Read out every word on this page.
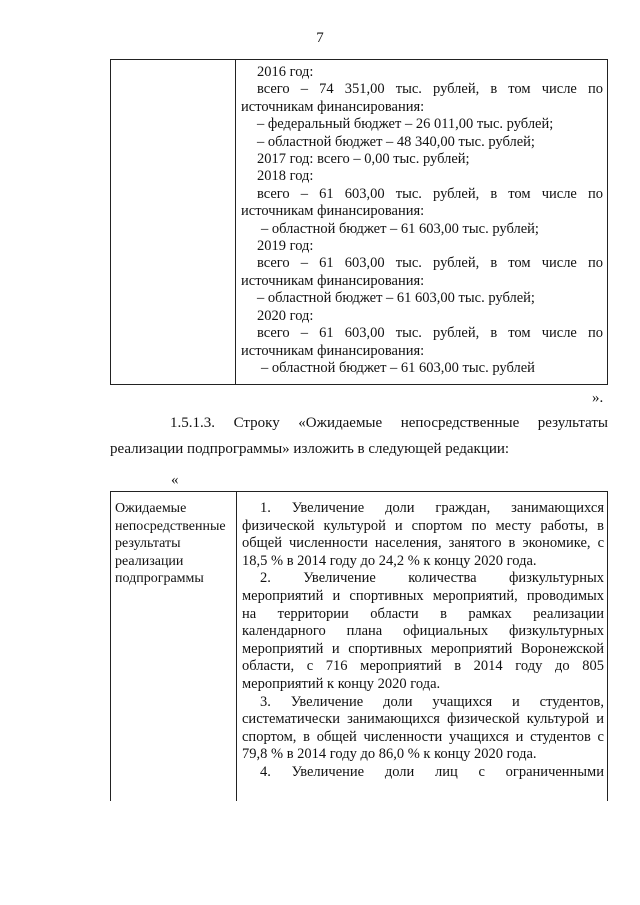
7
2016 год:
всего – 74 351,00 тыс. рублей, в том числе по
источникам финансирования:
– федеральный бюджет – 26 011,00 тыс. рублей;
– областной бюджет – 48 340,00 тыс. рублей;
2017 год: всего – 0,00 тыс. рублей;
2018 год:
всего – 61 603,00 тыс. рублей, в том числе по
источникам финансирования:
– областной бюджет – 61 603,00 тыс. рублей;
2019 год:
всего – 61 603,00 тыс. рублей, в том числе по
источникам финансирования:
– областной бюджет – 61 603,00 тыс. рублей;
2020 год:
всего – 61 603,00 тыс. рублей, в том числе по
источникам финансирования:
– областной бюджет – 61 603,00 тыс. рублей
».
1.5.1.3. Строку «Ожидаемые непосредственные результаты
реализации подпрограммы» изложить в следующей редакции:
«
Ожидаемые
непосредственные
результаты
реализации
подпрограммы
1. Увеличение доли граждан, занимающихся
физической культурой и спортом по месту работы, в
общей численности населения, занятого в экономике, с
18,5 % в 2014 году до 24,2 % к концу 2020 года.
2. Увеличение количества физкультурных
мероприятий и спортивных мероприятий, проводимых
на территории области в рамках реализации
календарного плана официальных физкультурных
мероприятий и спортивных мероприятий Воронежской
области, с 716 мероприятий в 2014 году до 805
мероприятий к концу 2020 года.
3. Увеличение доли учащихся и студентов,
систематически занимающихся физической культурой и
спортом, в общей численности учащихся и студентов с
79,8 % в 2014 году до 86,0 % к концу 2020 года.
4. Увеличение доли лиц с ограниченными
